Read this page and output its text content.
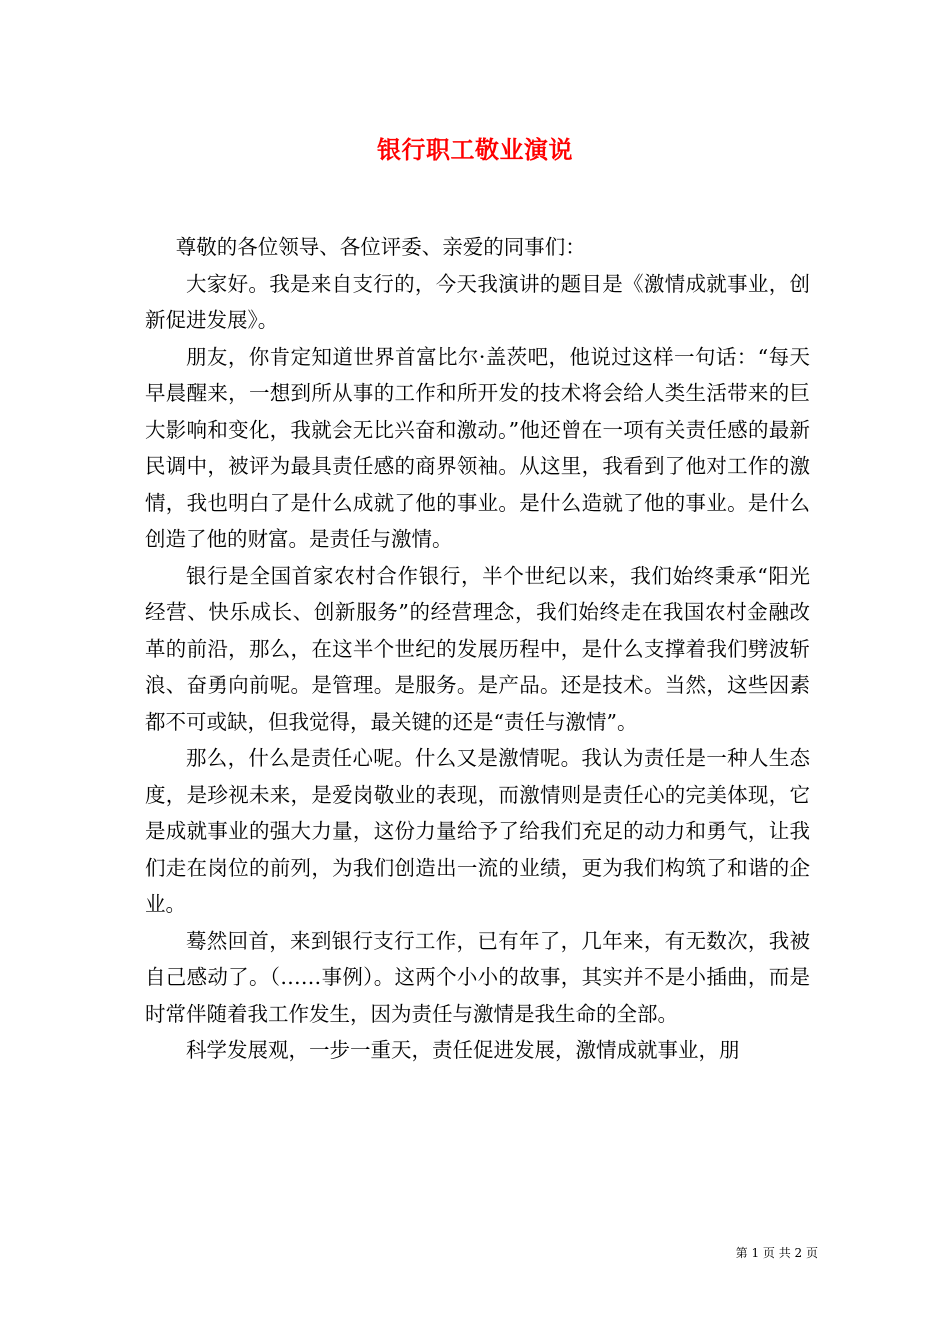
银行职工敬业演说

尊敬的各位领导、各位评委、亲爱的同事们：

大家好。我是来自支行的，今天我演讲的题目是《激情成就事业，创新促进发展》。

朋友，你肯定知道世界首富比尔·盖茨吧，他说过这样一句话：“每天早晨醒来，一想到所从事的工作和所开发的技术将会给人类生活带来的巨大影响和变化，我就会无比兴奋和激动。”他还曾在一项有关责任感的最新民调中，被评为最具责任感的商界领袖。从这里，我看到了他对工作的激情，我也明白了是什么成就了他的事业。是什么造就了他的事业。是什么创造了他的财富。是责任与激情。

银行是全国首家农村合作银行，半个世纪以来，我们始终秉承“阳光经营、快乐成长、创新服务”的经营理念，我们始终走在我国农村金融改革的前沿，那么，在这半个世纪的发展历程中，是什么支撑着我们劈波斩浪、奋勇向前呢。是管理。是服务。是产品。还是技术。当然，这些因素都不可或缺，但我觉得，最关键的还是“责任与激情”。

那么，什么是责任心呢。什么又是激情呢。我认为责任是一种人生态度，是珍视未来，是爱岗敬业的表现，而激情则是责任心的完美体现，它是成就事业的强大力量，这份力量给予了给我们充足的动力和勇气，让我们走在岗位的前列，为我们创造出一流的业绩，更为我们构筑了和谐的企业。

蓦然回首，来到银行支行工作，已有年了，几年来，有无数次，我被自己感动了。（……事例）。这两个小小的故事，其实并不是小插曲，而是时常伴随着我工作发生，因为责任与激情是我生命的全部。

科学发展观，一步一重天，责任促进发展，激情成就事业，朋

第 1 页 共 2 页
